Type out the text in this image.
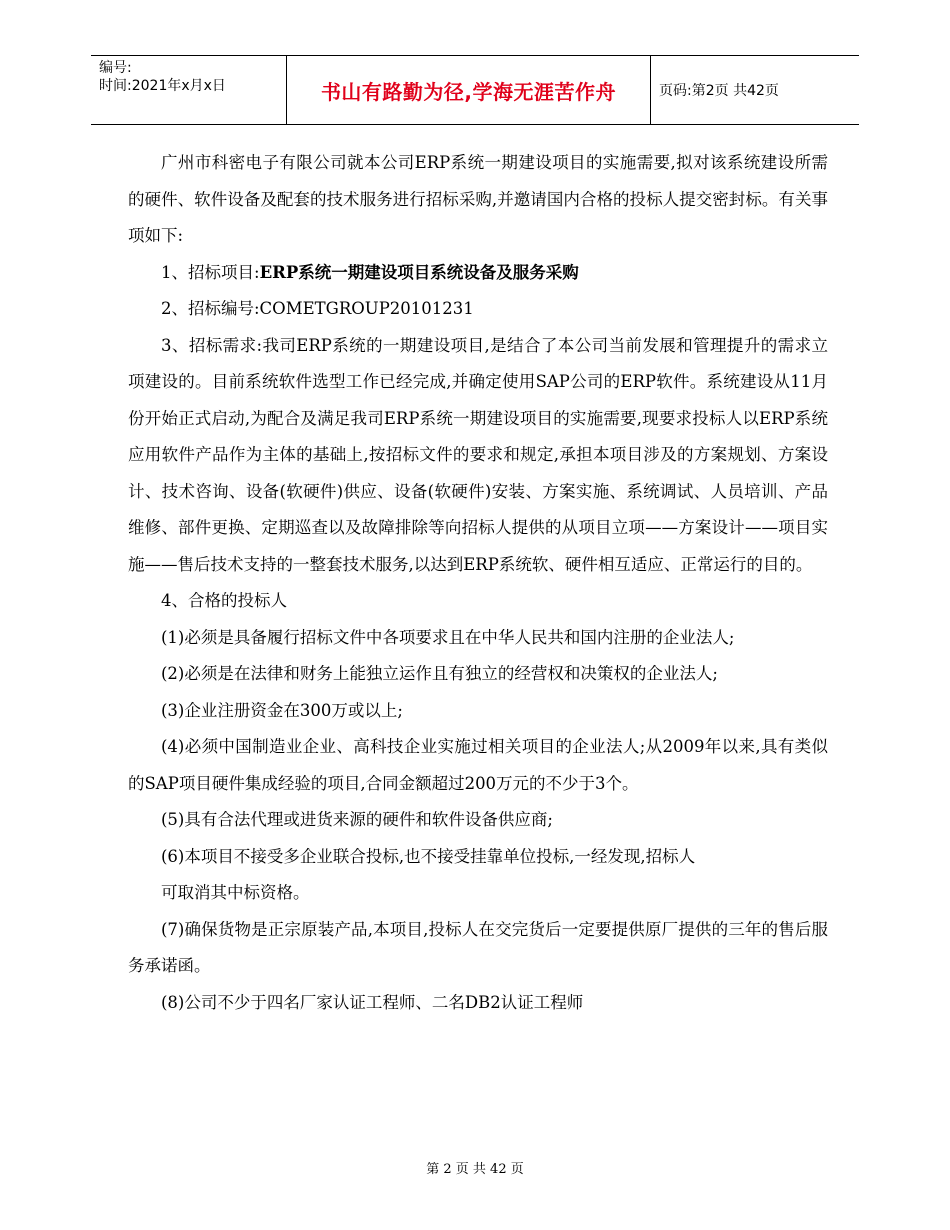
编号:
时间:2021年x月x日	书山有路勤为径,学海无涯苦作舟	页码:第2页 共42页

广州市科密电子有限公司就本公司ERP系统一期建设项目的实施需要,拟对该系统建设所需的硬件、软件设备及配套的技术服务进行招标采购,并邀请国内合格的投标人提交密封标。有关事项如下:

1、招标项目:ERP系统一期建设项目系统设备及服务采购

2、招标编号:COMETGROUP20101231

3、招标需求:我司ERP系统的一期建设项目,是结合了本公司当前发展和管理提升的需求立项建设的。目前系统软件选型工作已经完成,并确定使用SAP公司的ERP软件。系统建设从11月份开始正式启动,为配合及满足我司ERP系统一期建设项目的实施需要,现要求投标人以ERP系统应用软件产品作为主体的基础上,按招标文件的要求和规定,承担本项目涉及的方案规划、方案设计、技术咨询、设备(软硬件)供应、设备(软硬件)安装、方案实施、系统调试、人员培训、产品维修、部件更换、定期巡查以及故障排除等向招标人提供的从项目立项——方案设计——项目实施——售后技术支持的一整套技术服务,以达到ERP系统软、硬件相互适应、正常运行的目的。

4、合格的投标人

(1)必须是具备履行招标文件中各项要求且在中华人民共和国内注册的企业法人;

(2)必须是在法律和财务上能独立运作且有独立的经营权和决策权的企业法人;

(3)企业注册资金在300万或以上;

(4)必须中国制造业企业、高科技企业实施过相关项目的企业法人;从2009年以来,具有类似的SAP项目硬件集成经验的项目,合同金额超过200万元的不少于3个。

(5)具有合法代理或进货来源的硬件和软件设备供应商;

(6)本项目不接受多企业联合投标,也不接受挂靠单位投标,一经发现,招标人

可取消其中标资格。

(7)确保货物是正宗原装产品,本项目,投标人在交完货后一定要提供原厂提供的三年的售后服务承诺函。

(8)公司不少于四名厂家认证工程师、二名DB2认证工程师

第 2 页 共 42 页
